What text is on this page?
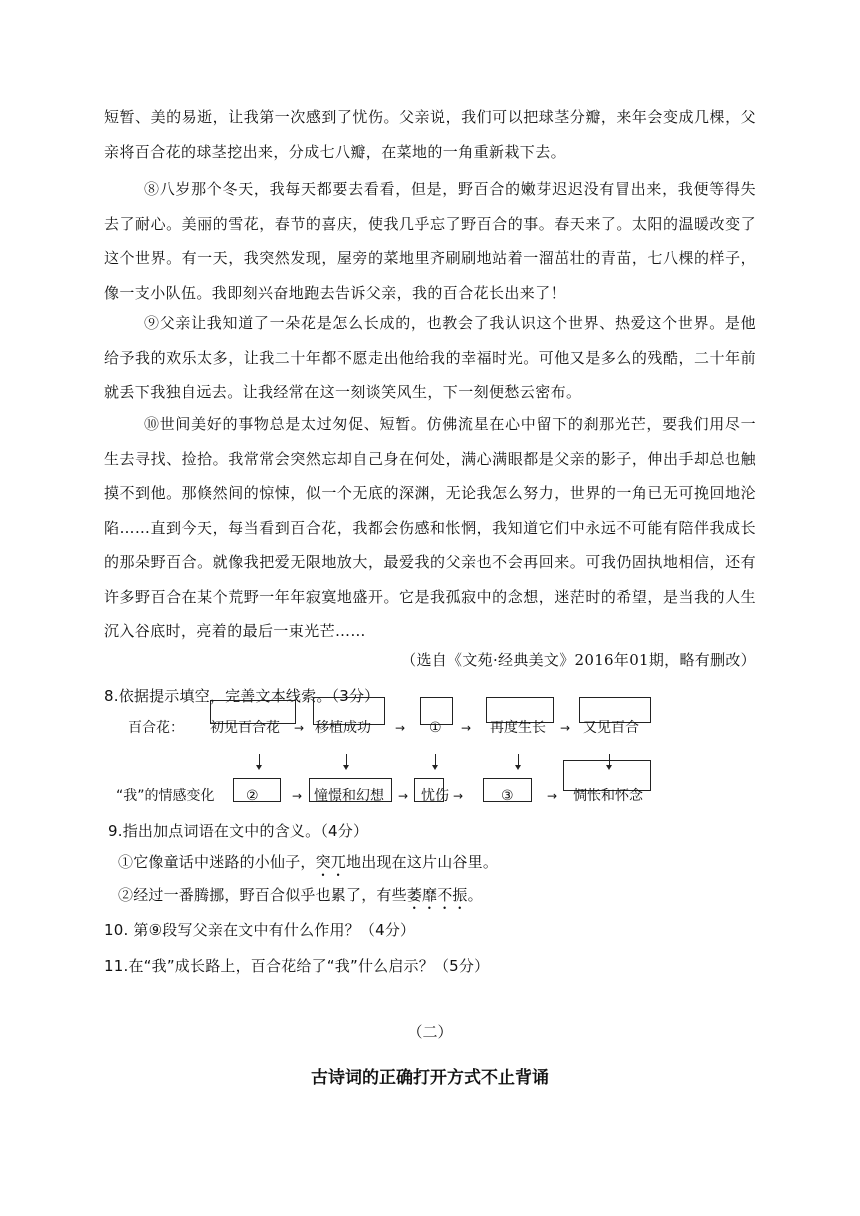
短暂、美的易逝，让我第一次感到了忧伤。父亲说，我们可以把球茎分瓣，来年会变成几棵，父亲将百合花的球茎挖出来，分成七八瓣，在菜地的一角重新栽下去。
⑧八岁那个冬天，我每天都要去看看，但是，野百合的嫩芽迟迟没有冒出来，我便等得失去了耐心。美丽的雪花，春节的喜庆，使我几乎忘了野百合的事。春天来了。太阳的温暖改变了这个世界。有一天，我突然发现，屋旁的菜地里齐刷刷地站着一溜茁壮的青苗，七八棵的样子，像一支小队伍。我即刻兴奋地跑去告诉父亲，我的百合花长出来了！
⑨父亲让我知道了一朵花是怎么长成的，也教会了我认识这个世界、热爱这个世界。是他给予我的欢乐太多，让我二十年都不愿走出他给我的幸福时光。可他又是多么的残酷，二十年前就丢下我独自远去。让我经常在这一刻谈笑风生，下一刻便愁云密布。
⑩世间美好的事物总是太过匆促、短暂。仿佛流星在心中留下的刹那光芒，要我们用尽一生去寻找、捡拾。我常常会突然忘却自己身在何处，满心满眼都是父亲的影子，伸出手却总也触摸不到他。那倏然间的惊悚，似一个无底的深渊，无论我怎么努力，世界的一角已无可挽回地沦陷……直到今天，每当看到百合花，我都会伤感和怅惘，我知道它们中永远不可能有陪伴我成长的那朵野百合。就像我把爱无限地放大，最爱我的父亲也不会再回来。可我仍固执地相信，还有许多野百合在某个荒野一年年寂寞地盛开。它是我孤寂中的念想，迷茫时的希望，是当我的人生沉入谷底时，亮着的最后一束光芒……
（选自《文苑·经典美文》2016年01期，略有删改）
8.依据提示填空，完善文本线索。（3分）
百合花： 初见百合花 → 移植成功 → ① → 再度生长 → 又见百合
“我”的情感变化 ②	→ 憧憬和幻想 → 忧伤 →	③	→ 惆怅和怀念
9.指出加点词语在文中的含义。（4分）
①它像童话中迷路的小仙子，突兀地出现在这片山谷里。
②经过一番腾挪，野百合似乎也累了，有些萎靡不振。
10. 第⑨段写父亲在文中有什么作用？（4分）
11.在“我”成长路上，百合花给了“我”什么启示？（5分）
（二）
古诗词的正确打开方式不止背诵
